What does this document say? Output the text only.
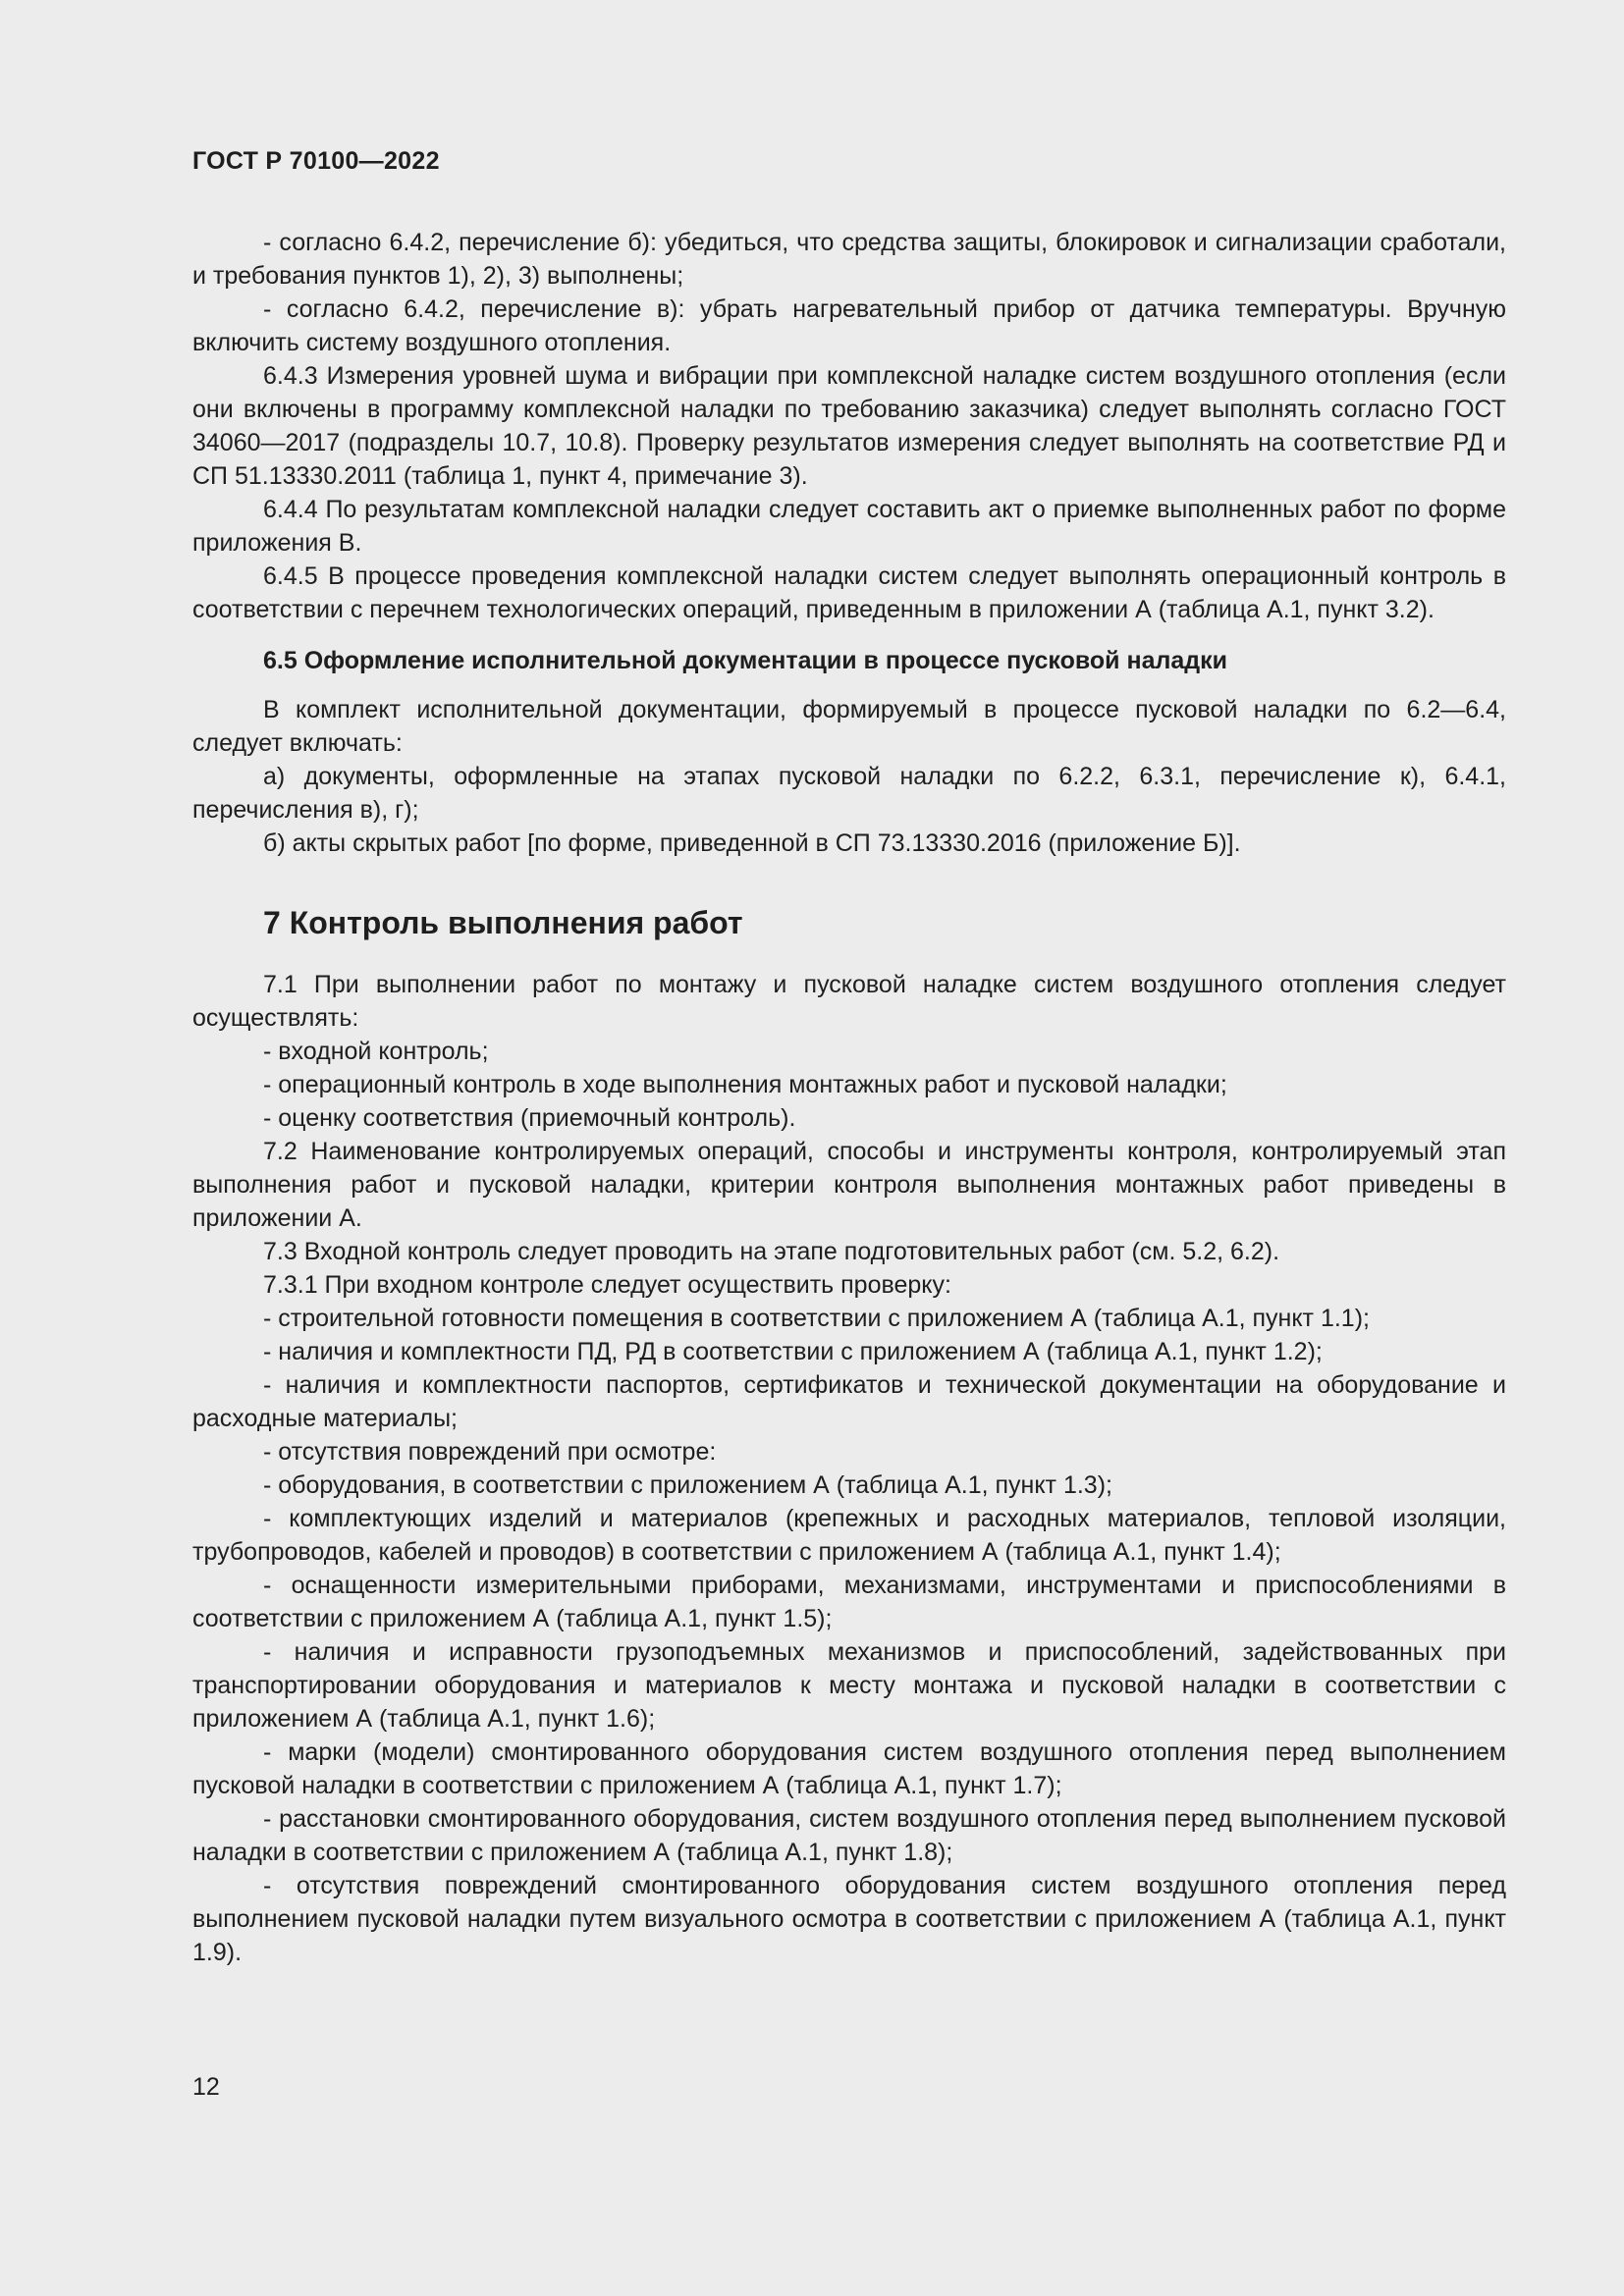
ГОСТ Р 70100—2022

- согласно 6.4.2, перечисление б): убедиться, что средства защиты, блокировок и сигнализации сработали, и требования пунктов 1), 2), 3) выполнены;

- согласно 6.4.2, перечисление в): убрать нагревательный прибор от датчика температуры. Вручную включить систему воздушного отопления.

6.4.3 Измерения уровней шума и вибрации при комплексной наладке систем воздушного отопления (если они включены в программу комплексной наладки по требованию заказчика) следует выполнять согласно ГОСТ 34060—2017 (подразделы 10.7, 10.8). Проверку результатов измерения следует выполнять на соответствие РД и СП 51.13330.2011 (таблица 1, пункт 4, примечание 3).

6.4.4 По результатам комплексной наладки следует составить акт о приемке выполненных работ по форме приложения В.

6.4.5 В процессе проведения комплексной наладки систем следует выполнять операционный контроль в соответствии с перечнем технологических операций, приведенным в приложении А (таблица А.1, пункт 3.2).

6.5 Оформление исполнительной документации в процессе пусковой наладки

В комплект исполнительной документации, формируемый в процессе пусковой наладки по 6.2—6.4, следует включать:

а) документы, оформленные на этапах пусковой наладки по 6.2.2, 6.3.1, перечисление к), 6.4.1, перечисления в), г);

б) акты скрытых работ [по форме, приведенной в СП 73.13330.2016 (приложение Б)].

7 Контроль выполнения работ

7.1 При выполнении работ по монтажу и пусковой наладке систем воздушного отопления следует осуществлять:

- входной контроль;

- операционный контроль в ходе выполнения монтажных работ и пусковой наладки;

- оценку соответствия (приемочный контроль).

7.2 Наименование контролируемых операций, способы и инструменты контроля, контролируемый этап выполнения работ и пусковой наладки, критерии контроля выполнения монтажных работ приведены в приложении А.

7.3 Входной контроль следует проводить на этапе подготовительных работ (см. 5.2, 6.2).

7.3.1 При входном контроле следует осуществить проверку:

- строительной готовности помещения в соответствии с приложением А (таблица А.1, пункт 1.1);

- наличия и комплектности ПД, РД в соответствии с приложением А (таблица А.1, пункт 1.2);

- наличия и комплектности паспортов, сертификатов и технической документации на оборудование и расходные материалы;

- отсутствия повреждений при осмотре:

- оборудования, в соответствии с приложением А (таблица А.1, пункт 1.3);

- комплектующих изделий и материалов (крепежных и расходных материалов, тепловой изоляции, трубопроводов, кабелей и проводов) в соответствии с приложением А (таблица А.1, пункт 1.4);

- оснащенности измерительными приборами, механизмами, инструментами и приспособлениями в соответствии с приложением А (таблица А.1, пункт 1.5);

- наличия и исправности грузоподъемных механизмов и приспособлений, задействованных при транспортировании оборудования и материалов к месту монтажа и пусковой наладки в соответствии с приложением А (таблица А.1, пункт 1.6);

- марки (модели) смонтированного оборудования систем воздушного отопления перед выполнением пусковой наладки в соответствии с приложением А (таблица А.1, пункт 1.7);

- расстановки смонтированного оборудования, систем воздушного отопления перед выполнением пусковой наладки в соответствии с приложением А (таблица А.1, пункт 1.8);

- отсутствия повреждений смонтированного оборудования систем воздушного отопления перед выполнением пусковой наладки путем визуального осмотра в соответствии с приложением А (таблица А.1, пункт 1.9).

12
